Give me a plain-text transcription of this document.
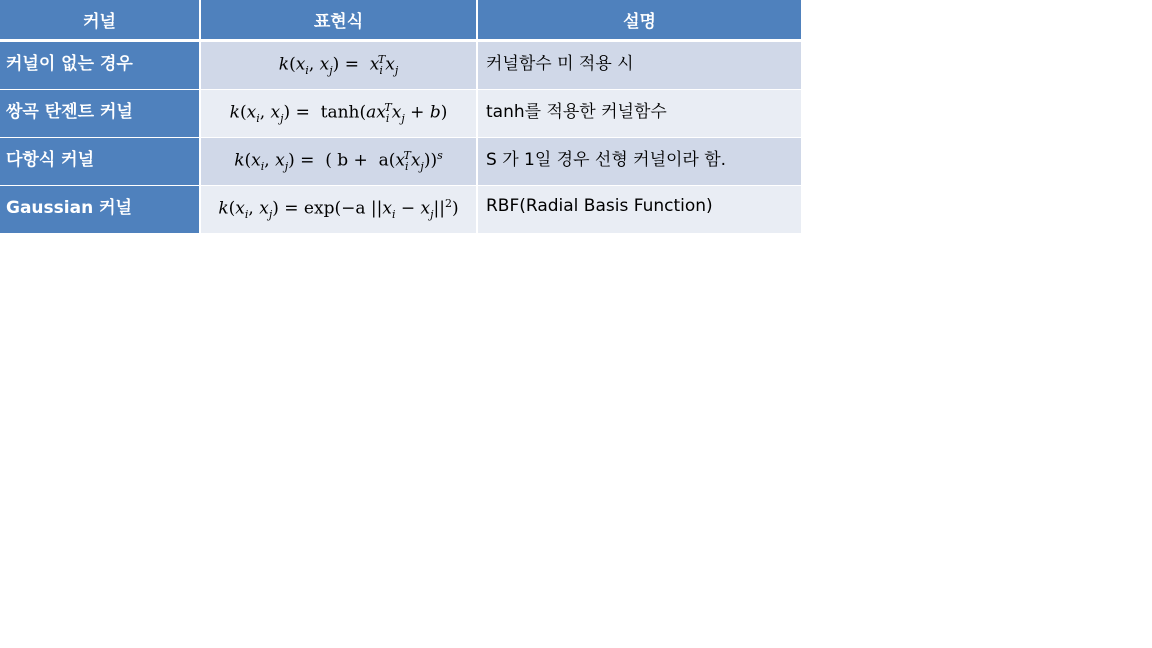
커널	표현식	설명
커널이 없는 경우	$k(x_i$, $x_j) = x_i^Tx_j$	커널함수 미 적용 시
쌍곡 탄젠트 커널	$k(x_i$, $x_j) = \tanh(ax_i^Tx_j + b)$	tanh를 적용한 커널함수
다항식 커널	$k(x_i$, $x_j$) =  ( $b + a(x_i^Tx_j))^s$	S 가 1일 경우 선형 커널이라 함.
Gaussian 커널	$k(x_i$, $x_j) = \exp(-a$ $||x_i - x_j||^2$)	RBF(Radial Basis Function)
